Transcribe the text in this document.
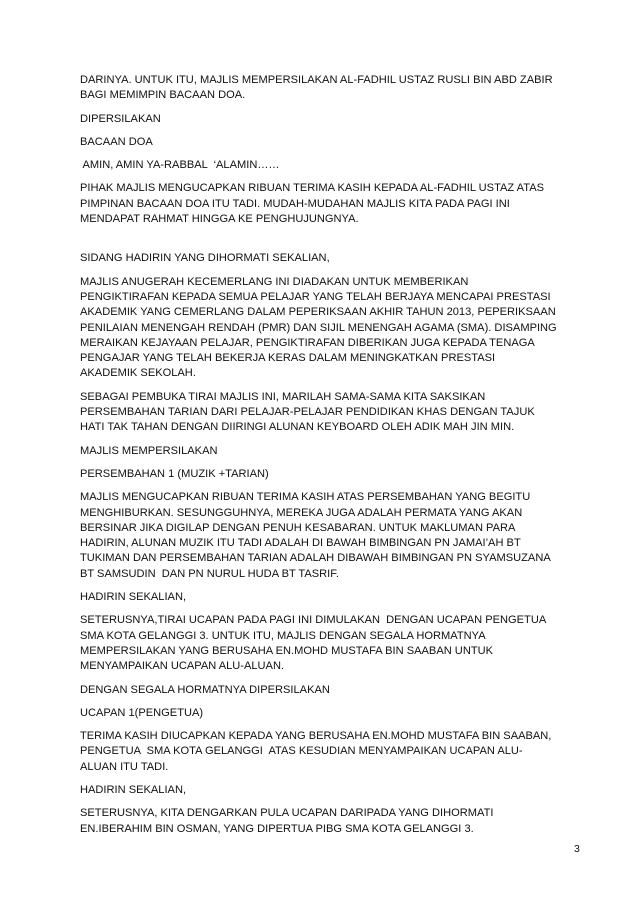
DARINYA. UNTUK ITU, MAJLIS MEMPERSILAKAN AL-FADHIL USTAZ RUSLI BIN ABD ZABIR
BAGI MEMIMPIN BACAAN DOA.

DIPERSILAKAN

BACAAN DOA

AMIN, AMIN YA-RABBAL  ‘ALAMIN……

PIHAK MAJLIS MENGUCAPKAN RIBUAN TERIMA KASIH KEPADA AL-FADHIL USTAZ ATAS
PIMPINAN BACAAN DOA ITU TADI. MUDAH-MUDAHAN MAJLIS KITA PADA PAGI INI
MENDAPAT RAHMAT HINGGA KE PENGHUJUNGNYA.

SIDANG HADIRIN YANG DIHORMATI SEKALIAN,

MAJLIS ANUGERAH KECEMERLANG INI DIADAKAN UNTUK MEMBERIKAN
PENGIKTIRAFAN KEPADA SEMUA PELAJAR YANG TELAH BERJAYA MENCAPAI PRESTASI
AKADEMIK YANG CEMERLANG DALAM PEPERIKSAAN AKHIR TAHUN 2013, PEPERIKSAAN
PENILAIAN MENENGAH RENDAH (PMR) DAN SIJIL MENENGAH AGAMA (SMA). DISAMPING
MERAIKAN KEJAYAAN PELAJAR, PENGIKTIRAFAN DIBERIKAN JUGA KEPADA TENAGA
PENGAJAR YANG TELAH BEKERJA KERAS DALAM MENINGKATKAN PRESTASI
AKADEMIK SEKOLAH.

SEBAGAI PEMBUKA TIRAI MAJLIS INI, MARILAH SAMA-SAMA KITA SAKSIKAN
PERSEMBAHAN TARIAN DARI PELAJAR-PELAJAR PENDIDIKAN KHAS DENGAN TAJUK
HATI TAK TAHAN DENGAN DIIRINGI ALUNAN KEYBOARD OLEH ADIK MAH JIN MIN.

MAJLIS MEMPERSILAKAN

PERSEMBAHAN 1 (MUZIK +TARIAN)

MAJLIS MENGUCAPKAN RIBUAN TERIMA KASIH ATAS PERSEMBAHAN YANG BEGITU
MENGHIBURKAN. SESUNGGUHNYA, MEREKA JUGA ADALAH PERMATA YANG AKAN
BERSINAR JIKA DIGILAP DENGAN PENUH KESABARAN. UNTUK MAKLUMAN PARA
HADIRIN, ALUNAN MUZIK ITU TADI ADALAH DI BAWAH BIMBINGAN PN JAMAI’AH BT
TUKIMAN DAN PERSEMBAHAN TARIAN ADALAH DIBAWAH BIMBINGAN PN SYAMSUZANA
BT SAMSUDIN  DAN PN NURUL HUDA BT TASRIF.

HADIRIN SEKALIAN,

SETERUSNYA,TIRAI UCAPAN PADA PAGI INI DIMULAKAN  DENGAN UCAPAN PENGETUA
SMA KOTA GELANGGI 3. UNTUK ITU, MAJLIS DENGAN SEGALA HORMATNYA
MEMPERSILAKAN YANG BERUSAHA EN.MOHD MUSTAFA BIN SAABAN UNTUK
MENYAMPAIKAN UCAPAN ALU-ALUAN.

DENGAN SEGALA HORMATNYA DIPERSILAKAN

UCAPAN 1(PENGETUA)

TERIMA KASIH DIUCAPKAN KEPADA YANG BERUSAHA EN.MOHD MUSTAFA BIN SAABAN,
PENGETUA  SMA KOTA GELANGGI  ATAS KESUDIAN MENYAMPAIKAN UCAPAN ALU-
ALUAN ITU TADI.

HADIRIN SEKALIAN,

SETERUSNYA, KITA DENGARKAN PULA UCAPAN DARIPADA YANG DIHORMATI
EN.IBERAHIM BIN OSMAN, YANG DIPERTUA PIBG SMA KOTA GELANGGI 3.

3
